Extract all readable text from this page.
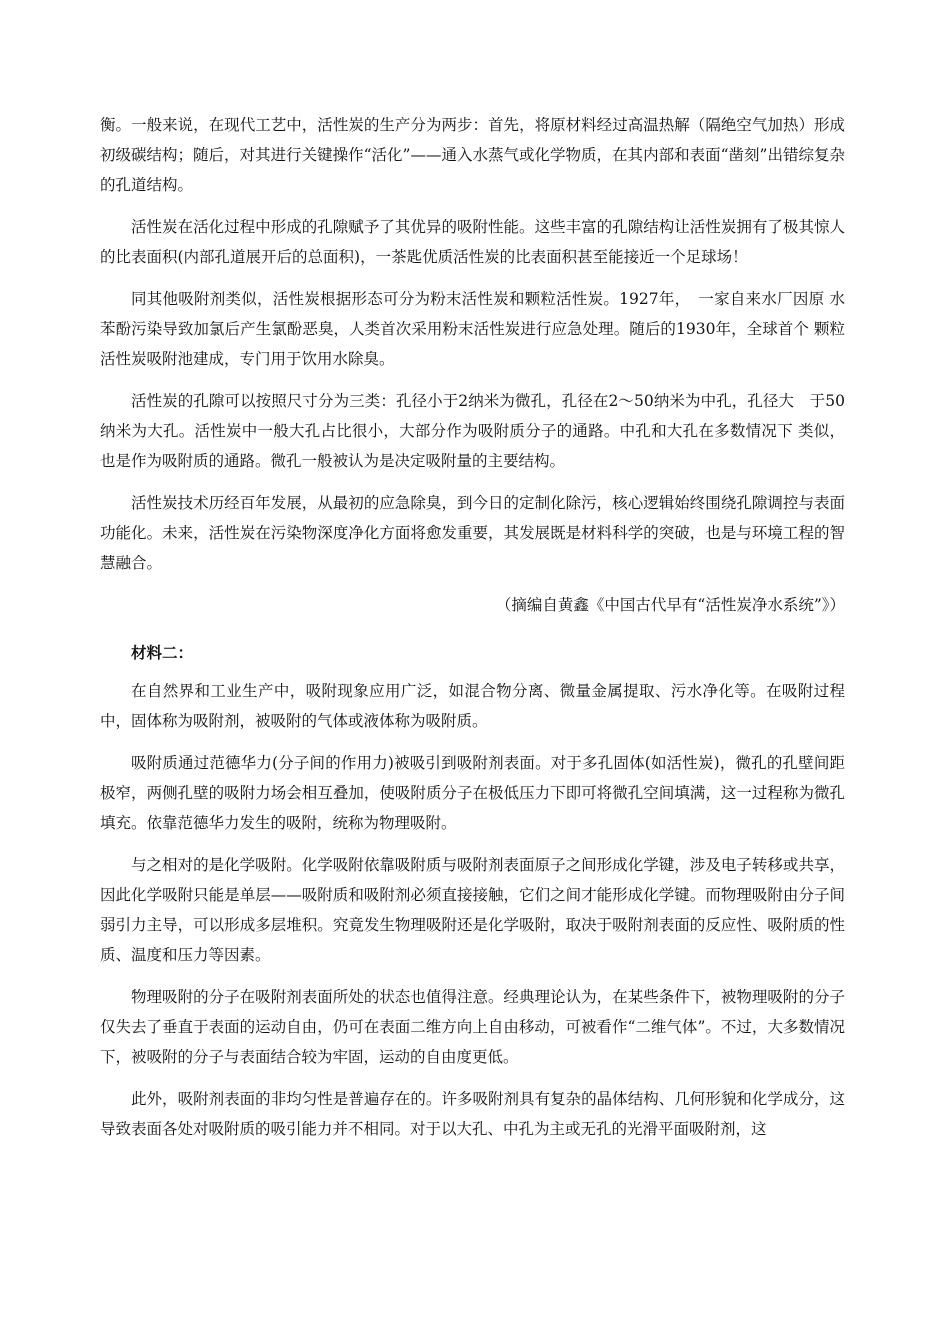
衡。一般来说，在现代工艺中，活性炭的生产分为两步：首先，将原材料经过高温热解（隔绝空气加热）形成初级碳结构；随后，对其进行关键操作“活化”——通入水蒸气或化学物质，在其内部和表面“凿刻”出错综复杂的孔道结构。

活性炭在活化过程中形成的孔隙赋予了其优异的吸附性能。这些丰富的孔隙结构让活性炭拥有了极其惊人的比表面积(内部孔道展开后的总面积)，一茶匙优质活性炭的比表面积甚至能接近一个足球场！

同其他吸附剂类似，活性炭根据形态可分为粉末活性炭和颗粒活性炭。1927年，　一家自来水厂因原 水苯酚污染导致加氯后产生氯酚恶臭，人类首次采用粉末活性炭进行应急处理。随后的1930年，全球首个 颗粒活性炭吸附池建成，专门用于饮用水除臭。

活性炭的孔隙可以按照尺寸分为三类：孔径小于2纳米为微孔，孔径在2～50纳米为中孔，孔径大　于50纳米为大孔。活性炭中一般大孔占比很小，大部分作为吸附质分子的通路。中孔和大孔在多数情况下 类似，也是作为吸附质的通路。微孔一般被认为是决定吸附量的主要结构。

活性炭技术历经百年发展，从最初的应急除臭，到今日的定制化除污，核心逻辑始终围绕孔隙调控与表面功能化。未来，活性炭在污染物深度净化方面将愈发重要，其发展既是材料科学的突破，也是与环境工程的智慧融合。

（摘编自黄鑫《中国古代早有“活性炭净水系统”》）

材料二：

在自然界和工业生产中，吸附现象应用广泛，如混合物分离、微量金属提取、污水净化等。在吸附过程中，固体称为吸附剂，被吸附的气体或液体称为吸附质。

吸附质通过范德华力(分子间的作用力)被吸引到吸附剂表面。对于多孔固体(如活性炭)，微孔的孔壁间距极窄，两侧孔壁的吸附力场会相互叠加，使吸附质分子在极低压力下即可将微孔空间填满，这一过程称为微孔填充。依靠范德华力发生的吸附，统称为物理吸附。

与之相对的是化学吸附。化学吸附依靠吸附质与吸附剂表面原子之间形成化学键，涉及电子转移或共享，因此化学吸附只能是单层——吸附质和吸附剂必须直接接触，它们之间才能形成化学键。而物理吸附由分子间弱引力主导，可以形成多层堆积。究竟发生物理吸附还是化学吸附，取决于吸附剂表面的反应性、吸附质的性质、温度和压力等因素。

物理吸附的分子在吸附剂表面所处的状态也值得注意。经典理论认为，在某些条件下，被物理吸附的分子仅失去了垂直于表面的运动自由，仍可在表面二维方向上自由移动，可被看作“二维气体”。不过，大多数情况下，被吸附的分子与表面结合较为牢固，运动的自由度更低。

此外，吸附剂表面的非均匀性是普遍存在的。许多吸附剂具有复杂的晶体结构、几何形貌和化学成分，这导致表面各处对吸附质的吸引能力并不相同。对于以大孔、中孔为主或无孔的光滑平面吸附剂，这
